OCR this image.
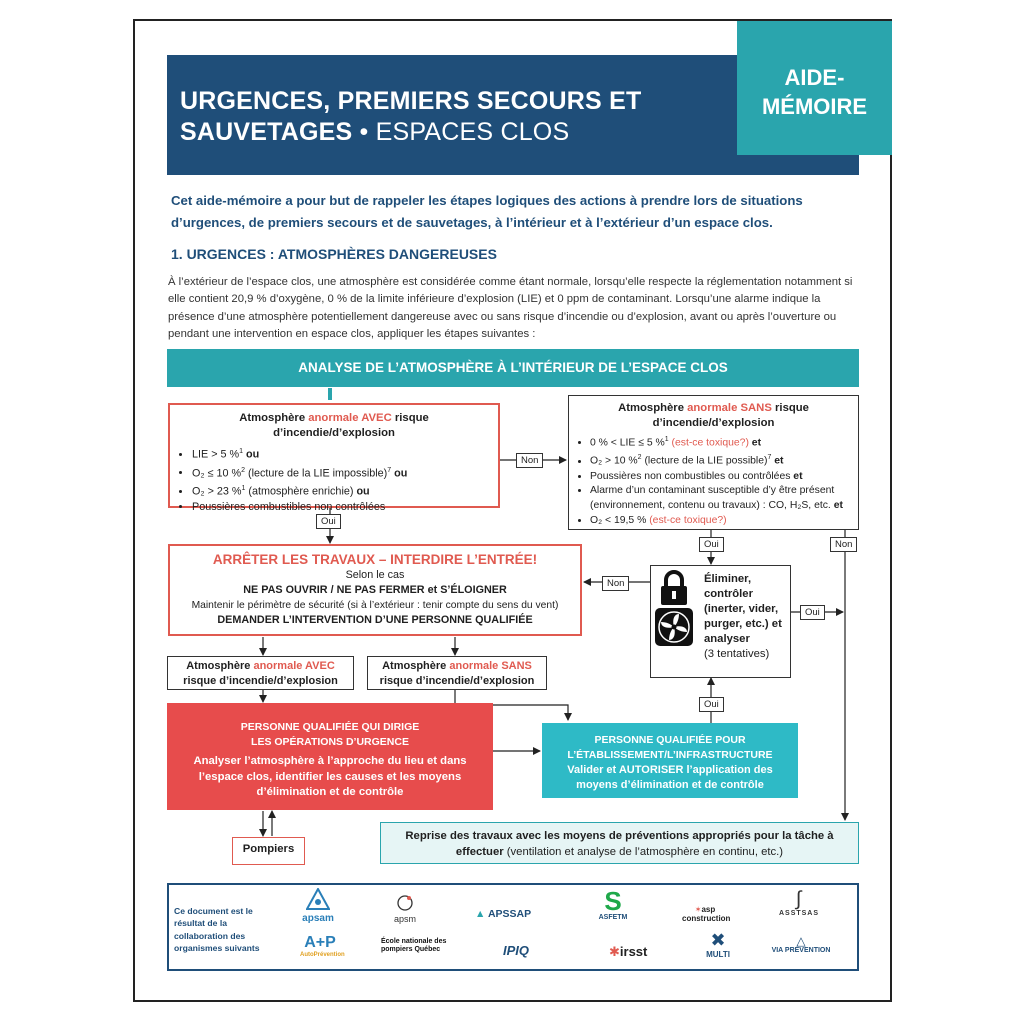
URGENCES, PREMIERS SECOURS ET
SAUVETAGES • ESPACES CLOS
AIDE-
MÉMOIRE
Cet aide-mémoire a pour but de rappeler les étapes logiques des actions à prendre lors de situations d’urgences, de premiers secours et de sauvetages, à l’intérieur et à l’extérieur d’un espace clos.
1. URGENCES : ATMOSPHÈRES DANGEREUSES
À l’extérieur de l’espace clos, une atmosphère est considérée comme étant normale, lorsqu’elle respecte la réglementation notamment si elle contient 20,9 % d’oxygène, 0 % de la limite inférieure d’explosion (LIE) et 0 ppm de contaminant. Lorsqu’une alarme indique la présence d’une atmosphère potentiellement dangereuse avec ou sans risque d’incendie ou d’explosion, avant ou après l’ouverture ou pendant une intervention en espace clos, appliquer les étapes suivantes :
ANALYSE DE L’ATMOSPHÈRE À L’INTÉRIEUR DE L’ESPACE CLOS
Atmosphère anormale AVEC risque
d’incendie/d’explosion
• LIE > 5 %$^1$ ou
• O₂ ≤ 10 %$^2$ (lecture de la LIE impossible)$^7$ ou
• O₂ > 23 %$^1$ (atmosphère enrichie) ou
• Poussières combustibles non contrôlées
Atmosphère anormale SANS risque
d’incendie/d’explosion
• 0 % < LIE ≤ 5 %$^1$ (est-ce toxique?) et
• O₂ > 10 %$^2$ (lecture de la LIE possible)$^7$ et
• Poussières non combustibles ou contrôlées et
• Alarme d’un contaminant susceptible d’y être présent (environnement, contenu ou travaux) : CO, H₂S, etc. et
• O₂ < 19,5 % (est-ce toxique?)
Non
Oui
Oui	Non
Non
Oui
Oui
ARRÊTER LES TRAVAUX – INTERDIRE L’ENTRÉE!
Selon le cas
NE PAS OUVRIR / NE PAS FERMER et S’ÉLOIGNER
Maintenir le périmètre de sécurité (si à l’extérieur : tenir compte du sens du vent)
DEMANDER L’INTERVENTION D’UNE PERSONNE QUALIFIÉE
Éliminer, contrôler (inerter, vider, purger, etc.) et analyser
(3 tentatives)
Atmosphère anormale AVEC
risque d’incendie/d’explosion
Atmosphère anormale SANS
risque d’incendie/d’explosion
PERSONNE QUALIFIÉE QUI DIRIGE LES OPÉRATIONS D’URGENCE
Analyser l’atmosphère à l’approche du lieu et dans l’espace clos, identifier les causes et les moyens d’élimination et de contrôle
PERSONNE QUALIFIÉE POUR L’ÉTABLISSEMENT/L’INFRASTRUCTURE
Valider et AUTORISER l’application des moyens d’élimination et de contrôle
Pompiers
Reprise des travaux avec les moyens de préventions appropriés pour la tâche à effectuer (ventilation et analyse de l’atmosphère en continu, etc.)
Ce document est le résultat de la collaboration des organismes suivants
apsam	apsm	▲ APSSAP	S
ASFETM
✶asp construction
∫
ASSTSAS
A+P
AutoPrévention
École nationale des pompiers Québec	IPIQ	✱irsst
✖
MULTI
△
VIA PRÉVENTION
